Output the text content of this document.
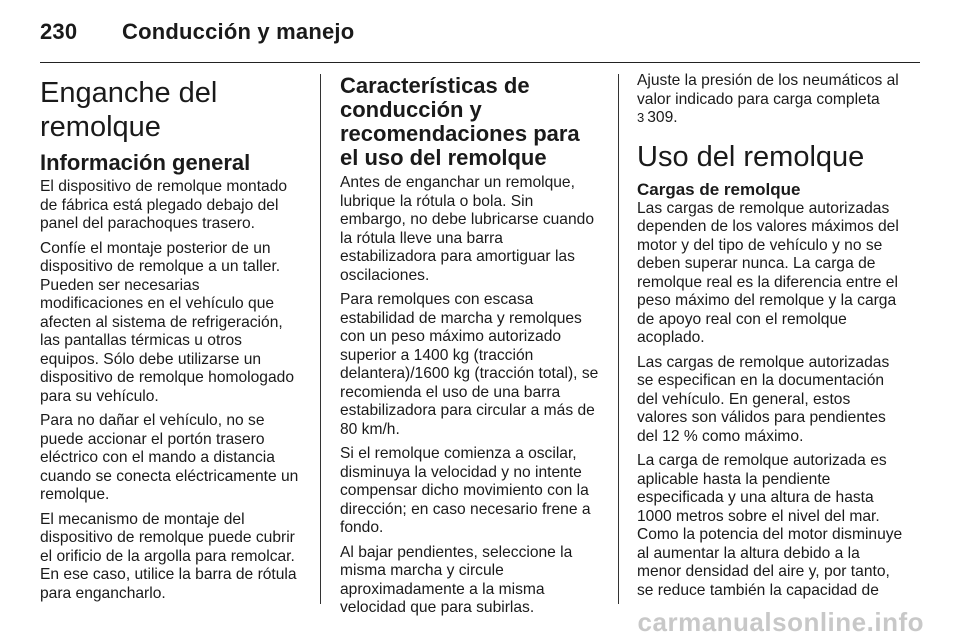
230	Conducción y manejo
Enganche del remolque
Información general

El dispositivo de remolque montado de fábrica está plegado debajo del panel del parachoques trasero.

Confíe el montaje posterior de un dispositivo de remolque a un taller. Pueden ser necesarias modificaciones en el vehículo que afecten al sistema de refrigeración, las pantallas térmicas u otros equipos. Sólo debe utilizarse un dispositivo de remolque homologado para su vehículo.

Para no dañar el vehículo, no se puede accionar el portón trasero eléctrico con el mando a distancia cuando se conecta eléctricamente un remolque.

El mecanismo de montaje del dispositivo de remolque puede cubrir el orificio de la argolla para remolcar. En ese caso, utilice la barra de rótula para engancharlo.

Características de conducción y recomendaciones para el uso del remolque

Antes de enganchar un remolque, lubrique la rótula o bola. Sin embargo, no debe lubricarse cuando la rótula lleve una barra estabilizadora para amortiguar las oscilaciones.

Para remolques con escasa estabilidad de marcha y remolques con un peso máximo autorizado superior a 1400 kg (tracción delantera)/1600 kg (tracción total), se recomienda el uso de una barra estabilizadora para circular a más de 80 km/h.

Si el remolque comienza a oscilar, disminuya la velocidad y no intente compensar dicho movimiento con la dirección; en caso necesario frene a fondo.

Al bajar pendientes, seleccione la misma marcha y circule aproximadamente a la misma velocidad que para subirlas.

Ajuste la presión de los neumáticos al valor indicado para carga completa
3 309.

Uso del remolque
Cargas de remolque

Las cargas de remolque autorizadas dependen de los valores máximos del motor y del tipo de vehículo y no se deben superar nunca. La carga de remolque real es la diferencia entre el peso máximo del remolque y la carga de apoyo real con el remolque acoplado.

Las cargas de remolque autorizadas se especifican en la documentación del vehículo. En general, estos valores son válidos para pendientes del 12 % como máximo.

La carga de remolque autorizada es aplicable hasta la pendiente especificada y una altura de hasta 1000 metros sobre el nivel del mar. Como la potencia del motor disminuye al aumentar la altura debido a la menor densidad del aire y, por tanto, se reduce también la capacidad de

carmanualsonline.info
